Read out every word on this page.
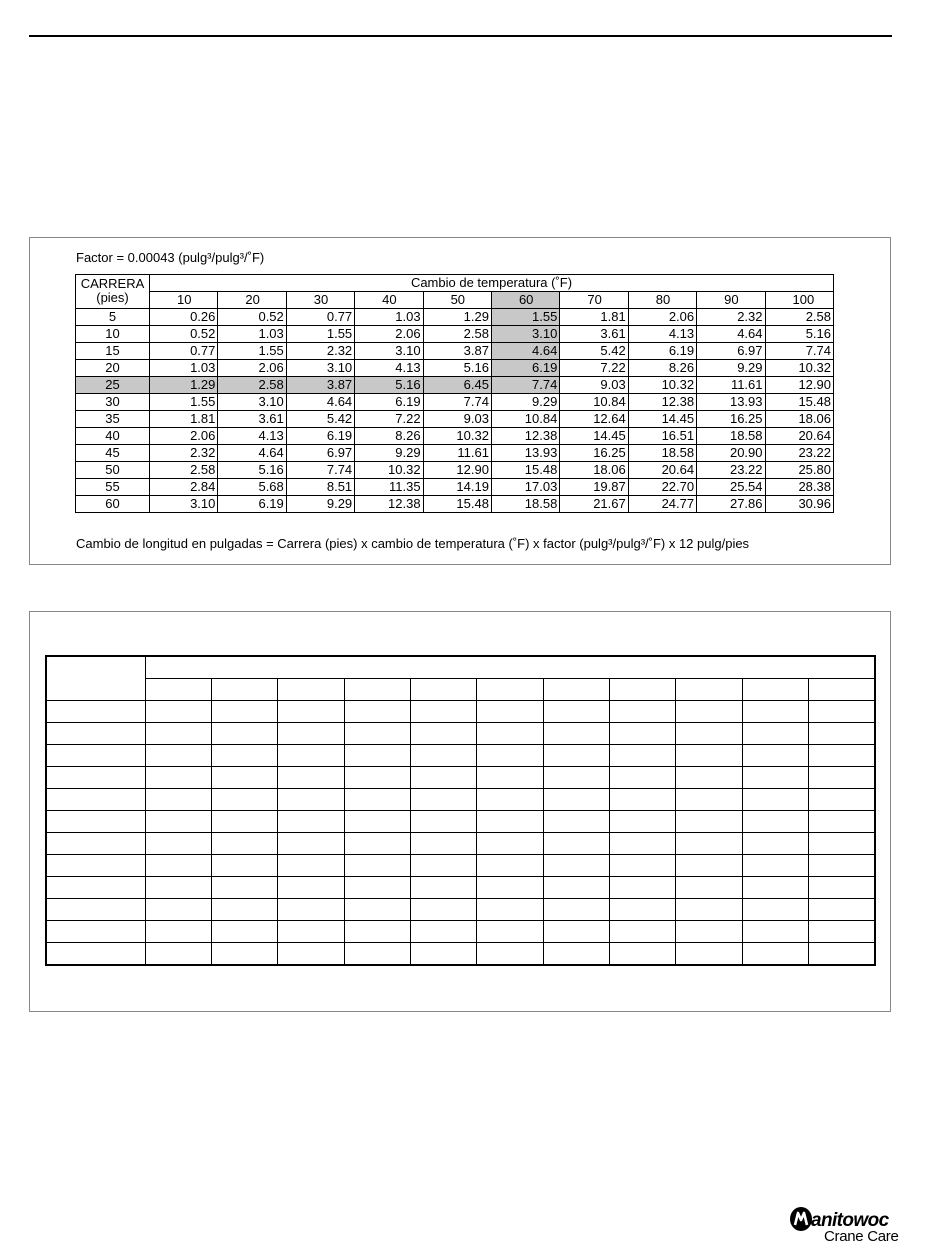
Factor = 0.00043 (pulg³/pulg³/˚F)
CARRERA
(pies)	Cambio de temperatura (˚F)									
	10	20	30	40	50	60	70	80	90	100
5	0.26	0.52	0.77	1.03	1.29	1.55	1.81	2.06	2.32	2.58
10	0.52	1.03	1.55	2.06	2.58	3.10	3.61	4.13	4.64	5.16
15	0.77	1.55	2.32	3.10	3.87	4.64	5.42	6.19	6.97	7.74
20	1.03	2.06	3.10	4.13	5.16	6.19	7.22	8.26	9.29	10.32
25	1.29	2.58	3.87	5.16	6.45	7.74	9.03	10.32	11.61	12.90
30	1.55	3.10	4.64	6.19	7.74	9.29	10.84	12.38	13.93	15.48
35	1.81	3.61	5.42	7.22	9.03	10.84	12.64	14.45	16.25	18.06
40	2.06	4.13	6.19	8.26	10.32	12.38	14.45	16.51	18.58	20.64
45	2.32	4.64	6.97	9.29	11.61	13.93	16.25	18.58	20.90	23.22
50	2.58	5.16	7.74	10.32	12.90	15.48	18.06	20.64	23.22	25.80
55	2.84	5.68	8.51	11.35	14.19	17.03	19.87	22.70	25.54	28.38
60	3.10	6.19	9.29	12.38	15.48	18.58	21.67	24.77	27.86	30.96
Cambio de longitud en pulgadas = Carrera (pies) x cambio de temperatura (˚F) x factor (pulg³/pulg³/˚F) x 12 pulg/pies

anitowoc
Crane Care
